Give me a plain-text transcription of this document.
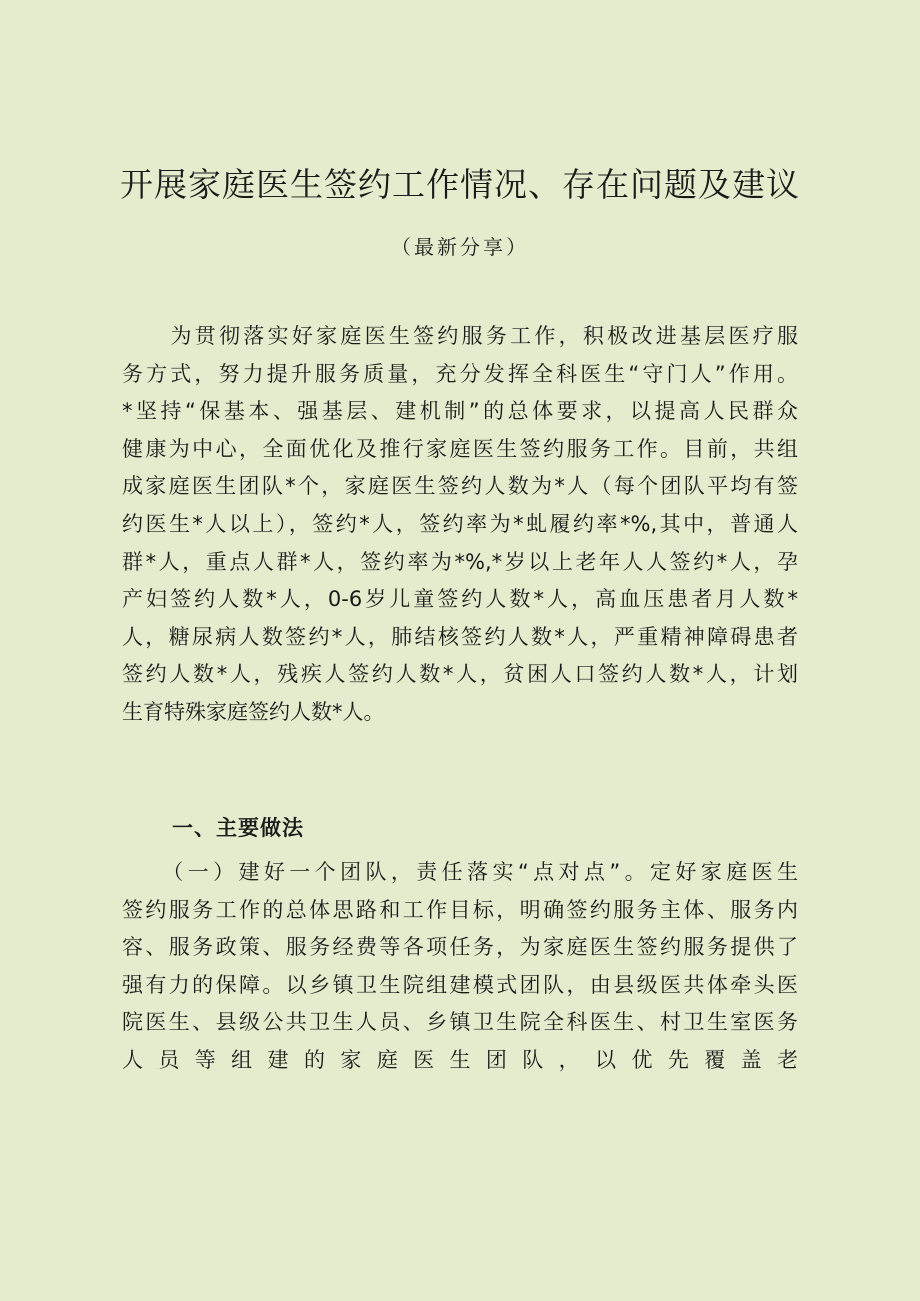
开展家庭医生签约工作情况、存在问题及建议
（最新分享）
　　为贯彻落实好家庭医生签约服务工作，积极改进基层医疗服
务方式，努力提升服务质量，充分发挥全科医生“守门人”作用。
*坚持“保基本、强基层、建机制”的总体要求，以提高人民群众
健康为中心，全面优化及推行家庭医生签约服务工作。目前，共组
成家庭医生团队*个，家庭医生签约人数为*人（每个团队平均有签
约医生*人以上），签约*人，签约率为*虬履约率*%,其中，普通人
群*人，重点人群*人，签约率为*%,*岁以上老年人人签约*人，孕
产妇签约人数*人，0-6岁儿童签约人数*人，高血压患者月人数*
人，糖尿病人数签约*人，肺结核签约人数*人，严重精神障碍患者
签约人数*人，残疾人签约人数*人，贫困人口签约人数*人，计划
生育特殊家庭签约人数*人。
一、主要做法
　　（一）建好一个团队，责任落实“点对点”。定好家庭医生
签约服务工作的总体思路和工作目标，明确签约服务主体、服务内
容、服务政策、服务经费等各项任务，为家庭医生签约服务提供了
强有力的保障。以乡镇卫生院组建模式团队，由县级医共体牵头医
院医生、县级公共卫生人员、乡镇卫生院全科医生、村卫生室医务
人员等组建的家庭医生团队，以优先覆盖老
